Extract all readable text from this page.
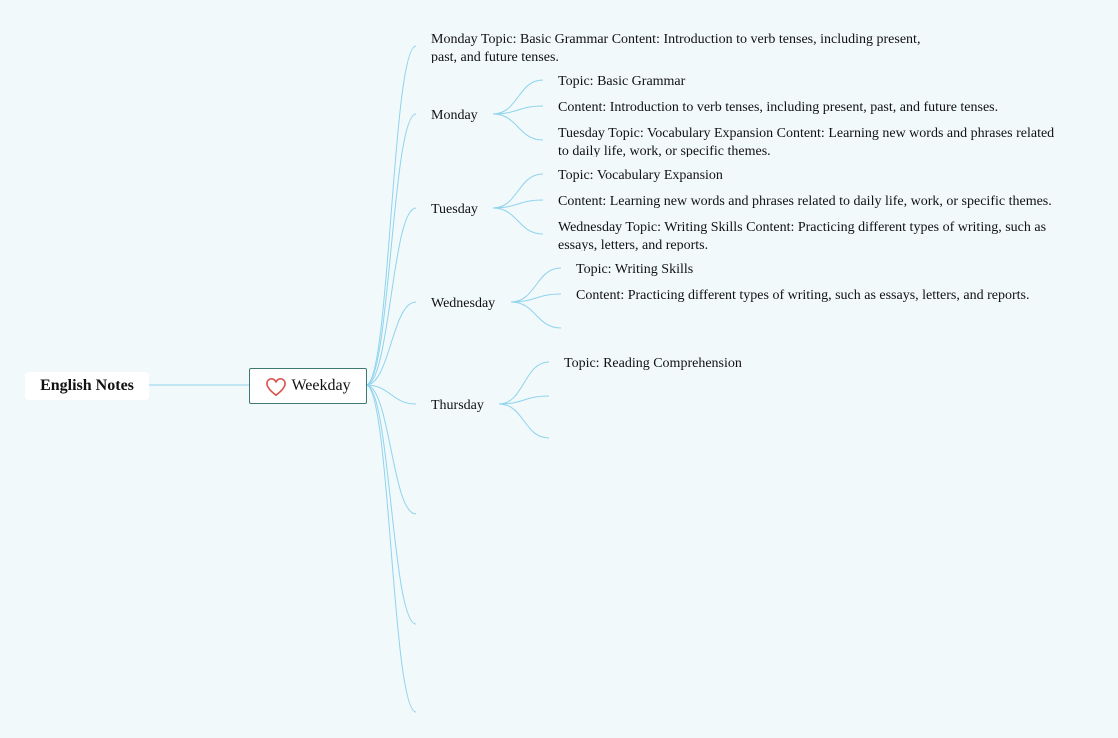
English Notes	Weekday
Monday Topic: Basic Grammar Content: Introduction to verb tenses, including present, past, and future tenses.
Monday
Topic: Basic Grammar
Content: Introduction to verb tenses, including present, past, and future tenses.
Tuesday Topic: Vocabulary Expansion Content: Learning new words and phrases related to daily life, work, or specific themes.
Tuesday
Topic: Vocabulary Expansion
Content: Learning new words and phrases related to daily life, work, or specific themes.
Wednesday Topic: Writing Skills Content: Practicing different types of writing, such as essays, letters, and reports.
Wednesday
Topic: Writing Skills
Content: Practicing different types of writing, such as essays, letters, and reports.
Thursday
Topic: Reading Comprehension
